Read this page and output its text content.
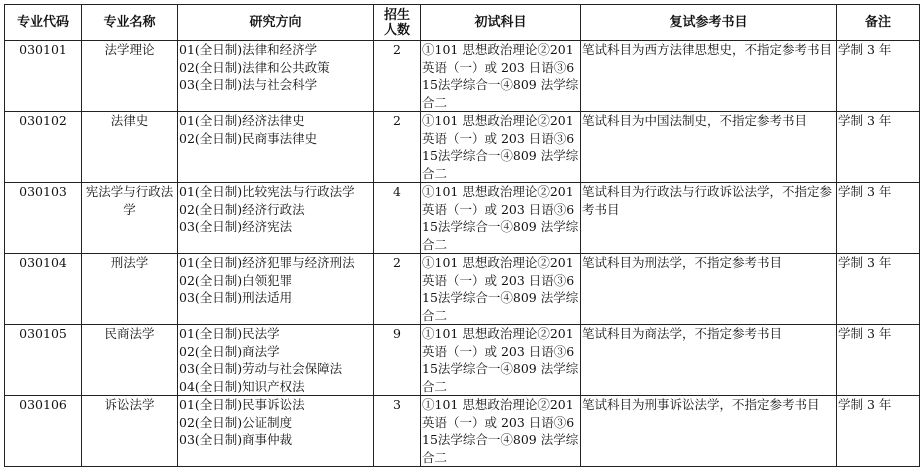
专业代码	专业名称	研究方向	招生人数	初试科目	复试参考书目	备注
030101	法学理论	01(全日制)法律和经济学
02(全日制)法律和公共政策
03(全日制)法与社会科学	2	①101 思想政治理论②201英语（一）或 203 日语③615法学综合一④809 法学综合二	笔试科目为西方法律思想史，不指定参考书目	学制 3 年
030102	法律史	01(全日制)经济法律史
02(全日制)民商事法律史	2	①101 思想政治理论②201英语（一）或 203 日语③615法学综合一④809 法学综合二	笔试科目为中国法制史，不指定参考书目	学制 3 年
030103	宪法学与行政法学	01(全日制)比较宪法与行政法学
02(全日制)经济行政法
03(全日制)经济宪法	4	①101 思想政治理论②201英语（一）或 203 日语③615法学综合一④809 法学综合二	笔试科目为行政法与行政诉讼法学，不指定参考书目	学制 3 年
030104	刑法学	01(全日制)经济犯罪与经济刑法
02(全日制)白领犯罪
03(全日制)刑法适用	2	①101 思想政治理论②201英语（一）或 203 日语③615法学综合一④809 法学综合二	笔试科目为刑法学，不指定参考书目	学制 3 年
030105	民商法学	01(全日制)民法学
02(全日制)商法学
03(全日制)劳动与社会保障法
04(全日制)知识产权法	9	①101 思想政治理论②201英语（一）或 203 日语③615法学综合一④809 法学综合二	笔试科目为商法学，不指定参考书目	学制 3 年
030106	诉讼法学	01(全日制)民事诉讼法
02(全日制)公证制度
03(全日制)商事仲裁	3	①101 思想政治理论②201英语（一）或 203 日语③615法学综合一④809 法学综合二	笔试科目为刑事诉讼法学，不指定参考书目	学制 3 年
